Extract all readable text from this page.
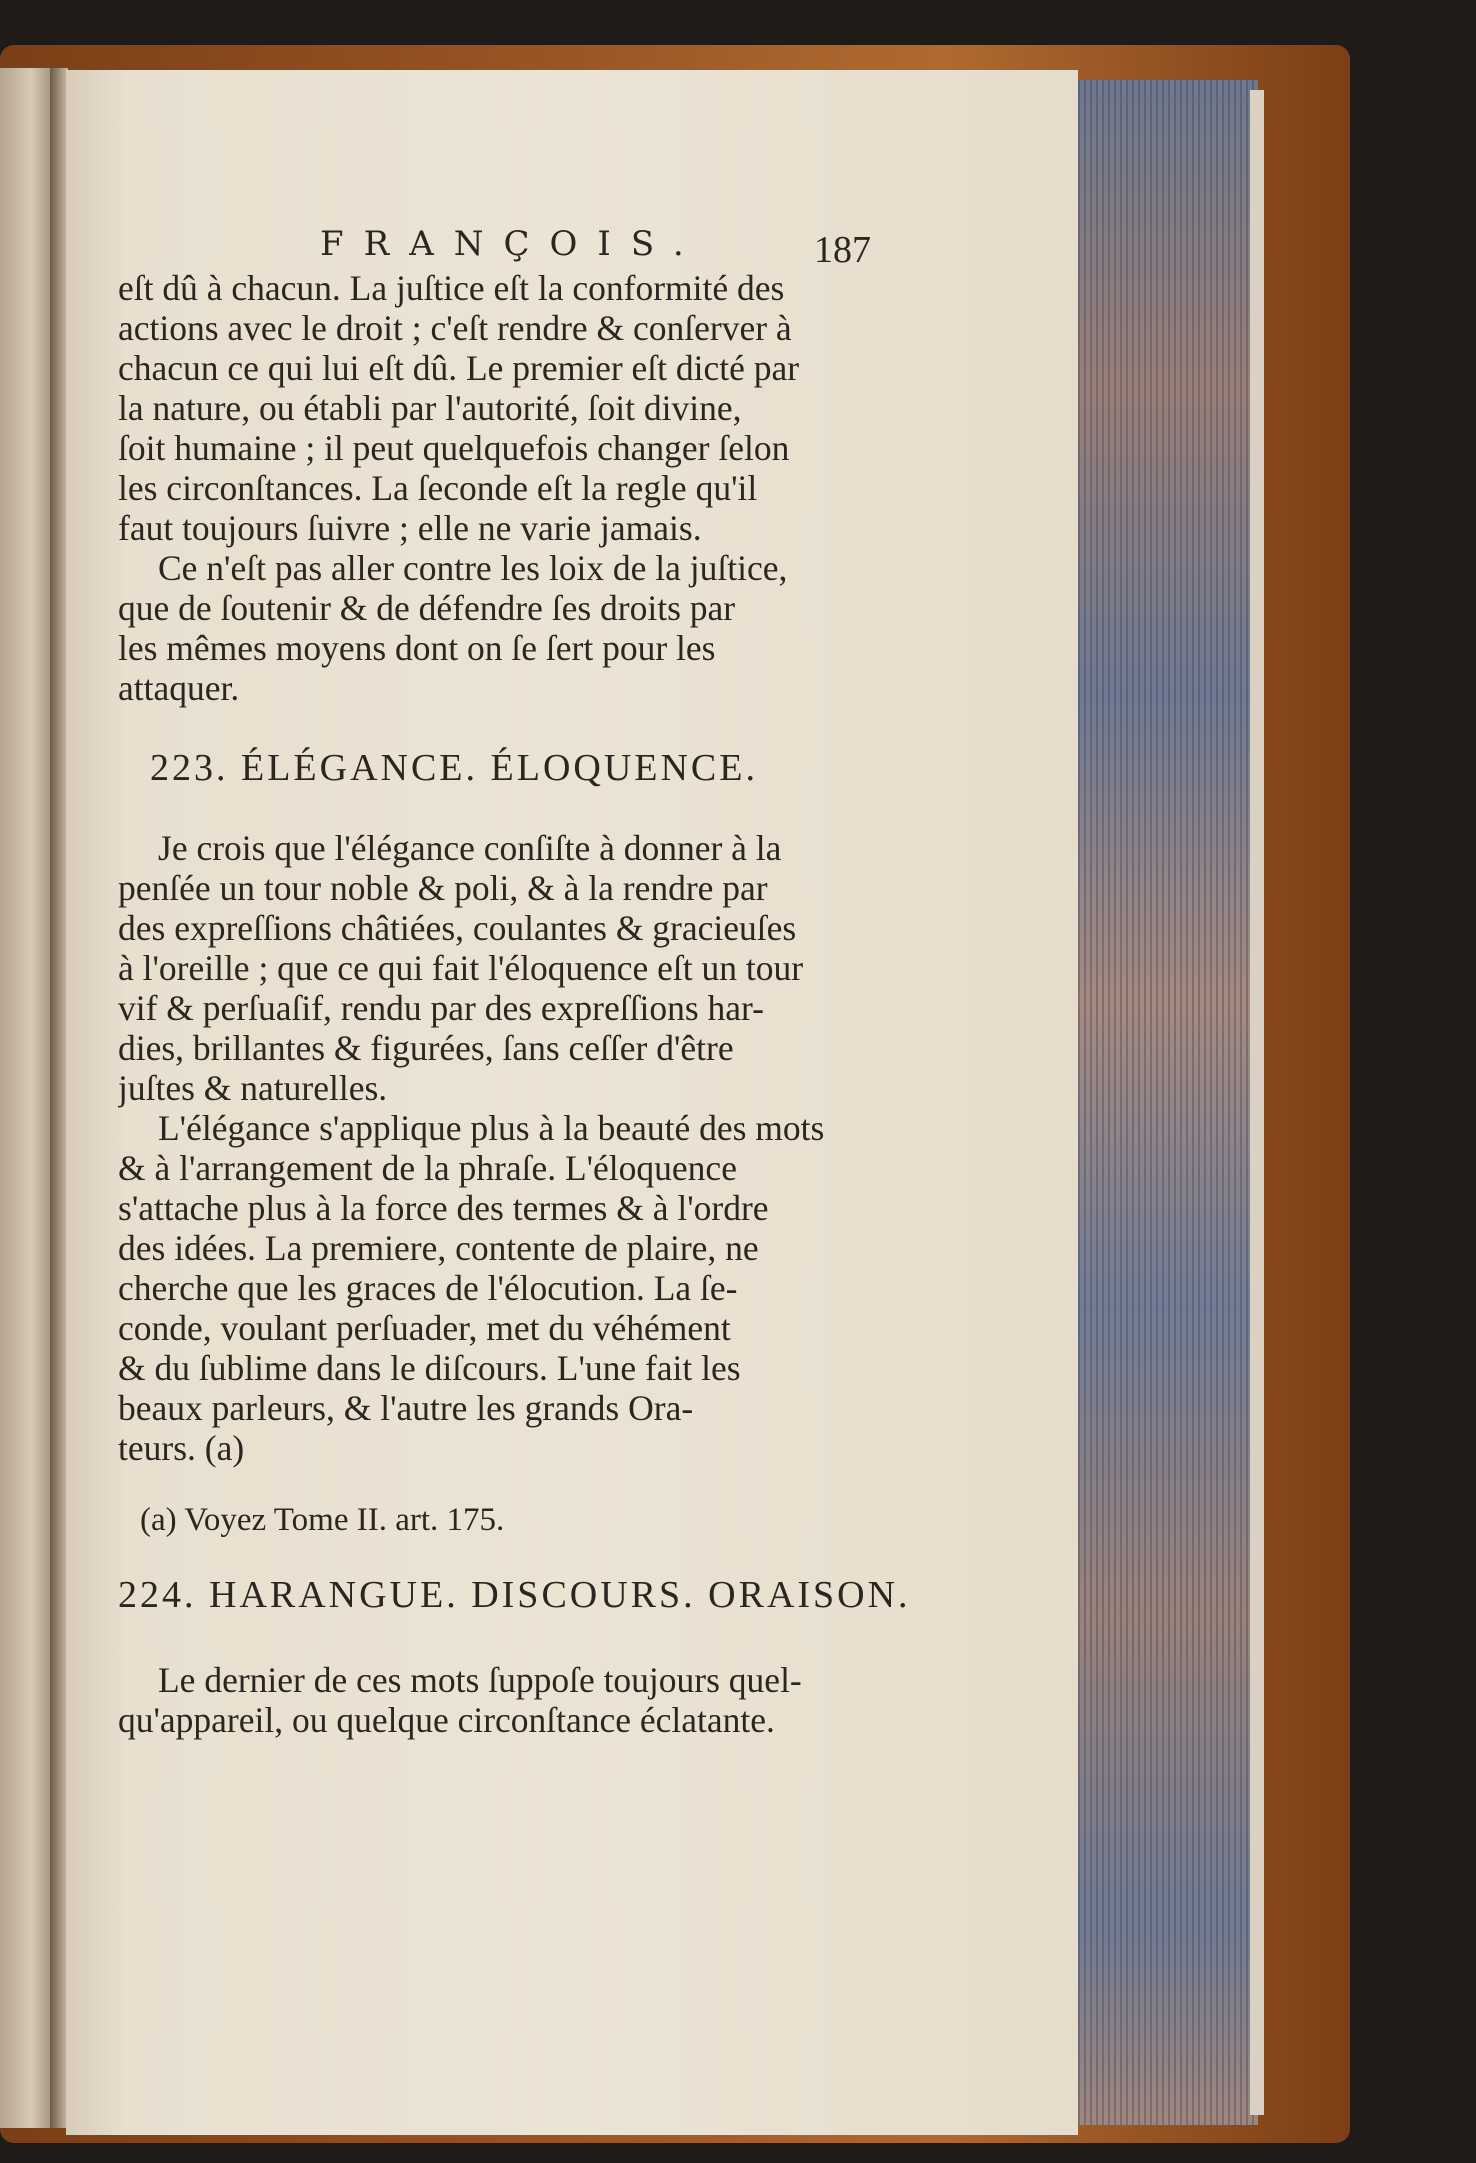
FRANÇOIS.	187
eſt dû à chacun. La juſtice eſt la conformité des
actions avec le droit ; c'eſt rendre & conſerver à
chacun ce qui lui eſt dû. Le premier eſt dicté par
la nature, ou établi par l'autorité, ſoit divine,
ſoit humaine ; il peut quelquefois changer ſelon
les circonſtances. La ſeconde eſt la regle qu'il
faut toujours ſuivre ; elle ne varie jamais.
Ce n'eſt pas aller contre les loix de la juſtice,
que de ſoutenir & de défendre ſes droits par
les mêmes moyens dont on ſe ſert pour les
attaquer.
223. ÉLÉGANCE. ÉLOQUENCE.
Je crois que l'élégance conſiſte à donner à la
penſée un tour noble & poli, & à la rendre par
des expreſſions châtiées, coulantes & gracieuſes
à l'oreille ; que ce qui fait l'éloquence eſt un tour
vif & perſuaſif, rendu par des expreſſions har-
dies, brillantes & figurées, ſans ceſſer d'être
juſtes & naturelles.
L'élégance s'applique plus à la beauté des mots
& à l'arrangement de la phraſe. L'éloquence
s'attache plus à la force des termes & à l'ordre
des idées. La premiere, contente de plaire, ne
cherche que les graces de l'élocution. La ſe-
conde, voulant perſuader, met du véhément
& du ſublime dans le diſcours. L'une fait les
beaux parleurs, & l'autre les grands Ora-
teurs. (a)
(a) Voyez Tome II. art. 175.
224. HARANGUE. DISCOURS. ORAISON.
Le dernier de ces mots ſuppoſe toujours quel-
qu'appareil, ou quelque circonſtance éclatante.
